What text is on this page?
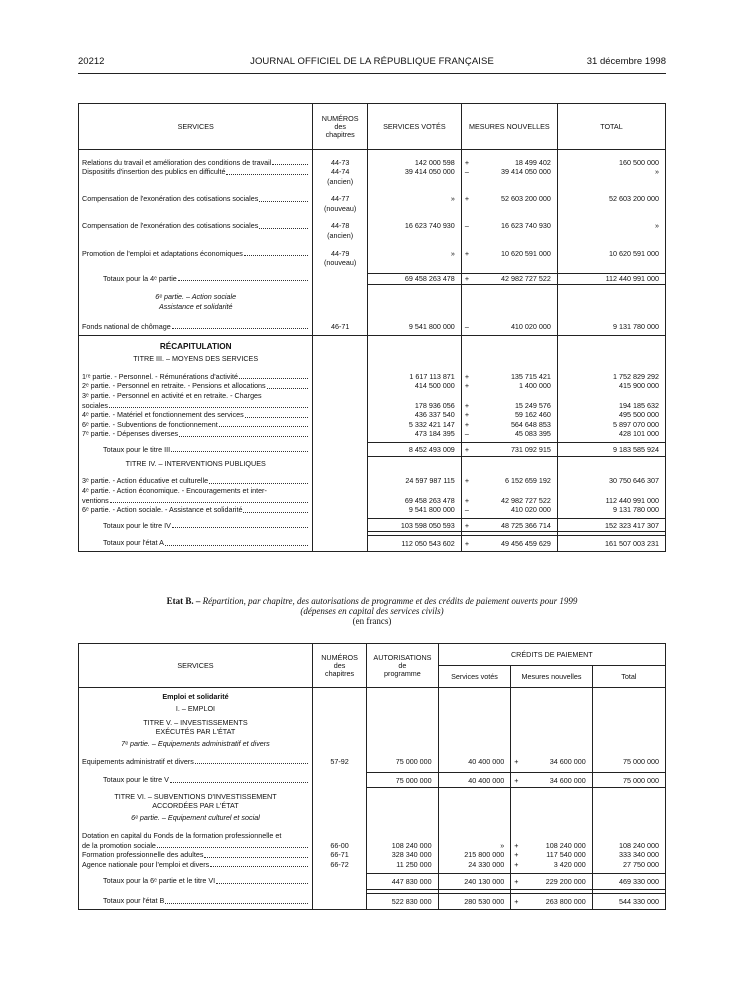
20212	JOURNAL OFFICIEL DE LA RÉPUBLIQUE FRANÇAISE	31 décembre 1998
SERVICES	NUMÉROS
des
chapitres	SERVICES VOTÉS	MESURES NOUVELLES		TOTAL

Relations du travail et amélioration des conditions de travail	44-73	142 000 598	+	18 499 402	160 500 000

Dispositifs d'insertion des publics en difficulté	44-74	39 414 050 000	–	39 414 050 000	»

	(ancien)				

Compensation de l'exonération des cotisations sociales	44-77	»	+	52 603 200 000	52 603 200 000

	(nouveau)				

Compensation de l'exonération des cotisations sociales	44-78	16 623 740 930	–	16 623 740 930	»

	(ancien)				

Promotion de l'emploi et adaptations économiques	44-79	»	+	10 620 591 000	10 620 591 000

	(nouveau)				

Totaux pour la 4ᵉ partie		69 458 263 478	+	42 982 727 522	112 440 991 000

6ᵉ partie. – Action sociale					
Assistance et solidarité					

Fonds national de chômage	46-71	9 541 800 000	–	410 020 000	9 131 780 000
RÉCAPITULATION					
TITRE III. – MOYENS DES SERVICES					

1ʳᵉ partie. - Personnel. - Rémunérations d'activité		1 617 113 871	+	135 715 421	1 752 829 292

2ᵉ partie. - Personnel en retraite. - Pensions et allocations		414 500 000	+	1 400 000	415 900 000

3ᵉ partie. - Personnel en activité et en retraite. - Charges					

sociales		178 936 056	+	15 249 576	194 185 632

4ᵉ partie. - Matériel et fonctionnement des services		436 337 540	+	59 162 460	495 500 000

6ᵉ partie. - Subventions de fonctionnement		5 332 421 147	+	564 648 853	5 897 070 000

7ᵉ partie. - Dépenses diverses		473 184 395	–	45 083 395	428 101 000

Totaux pour le titre III		8 452 493 009	+	731 092 915	9 183 585 924
TITRE IV. – INTERVENTIONS PUBLIQUES					

3ᵉ partie. - Action éducative et culturelle		24 597 987 115	+	6 152 659 192	30 750 646 307

4ᵉ partie. - Action économique. - Encouragements et inter-					

ventions		69 458 263 478	+	42 982 727 522	112 440 991 000

6ᵉ partie. - Action sociale. - Assistance et solidarité		9 541 800 000	–	410 020 000	9 131 780 000

Totaux pour le titre IV		103 598 050 593	+	48 725 366 714	152 323 417 307

Totaux pour l'état A		112 050 543 602	+	49 456 459 629	161 507 003 231
Etat B. – Répartition, par chapitre, des autorisations de programme et des crédits de paiement ouverts pour 1999
(dépenses en capital des services civils)
(en francs)
SERVICES	NUMÉROS
des
chapitres	AUTORISATIONS
de
programme	CRÉDITS DE PAIEMENT			
			Services votés	Mesures nouvelles		Total
Emploi et solidarité						
I. – EMPLOI						
TITRE V. – INVESTISSEMENTS						
EXÉCUTÉS PAR L'ÉTAT						
7ᵉ partie. – Equipements administratif et divers						

Equipements administratif et divers	57-92	75 000 000	40 400 000	+	34 600 000	75 000 000

Totaux pour le titre V		75 000 000	40 400 000	+	34 600 000	75 000 000
TITRE VI. – SUBVENTIONS D'INVESTISSEMENT						
ACCORDÉES PAR L'ÉTAT						
6ᵉ partie. – Equipement culturel et social						

Dotation en capital du Fonds de la formation professionnelle et						

de la promotion sociale	66-00	108 240 000	»	+	108 240 000	108 240 000

Formation professionnelle des adultes	66-71	328 340 000	215 800 000	+	117 540 000	333 340 000

Agence nationale pour l'emploi et divers	66-72	11 250 000	24 330 000	+	3 420 000	27 750 000

Totaux pour la 6ᵉ partie et le titre VI		447 830 000	240 130 000	+	229 200 000	469 330 000

Totaux pour l'état B		522 830 000	280 530 000	+	263 800 000	544 330 000
